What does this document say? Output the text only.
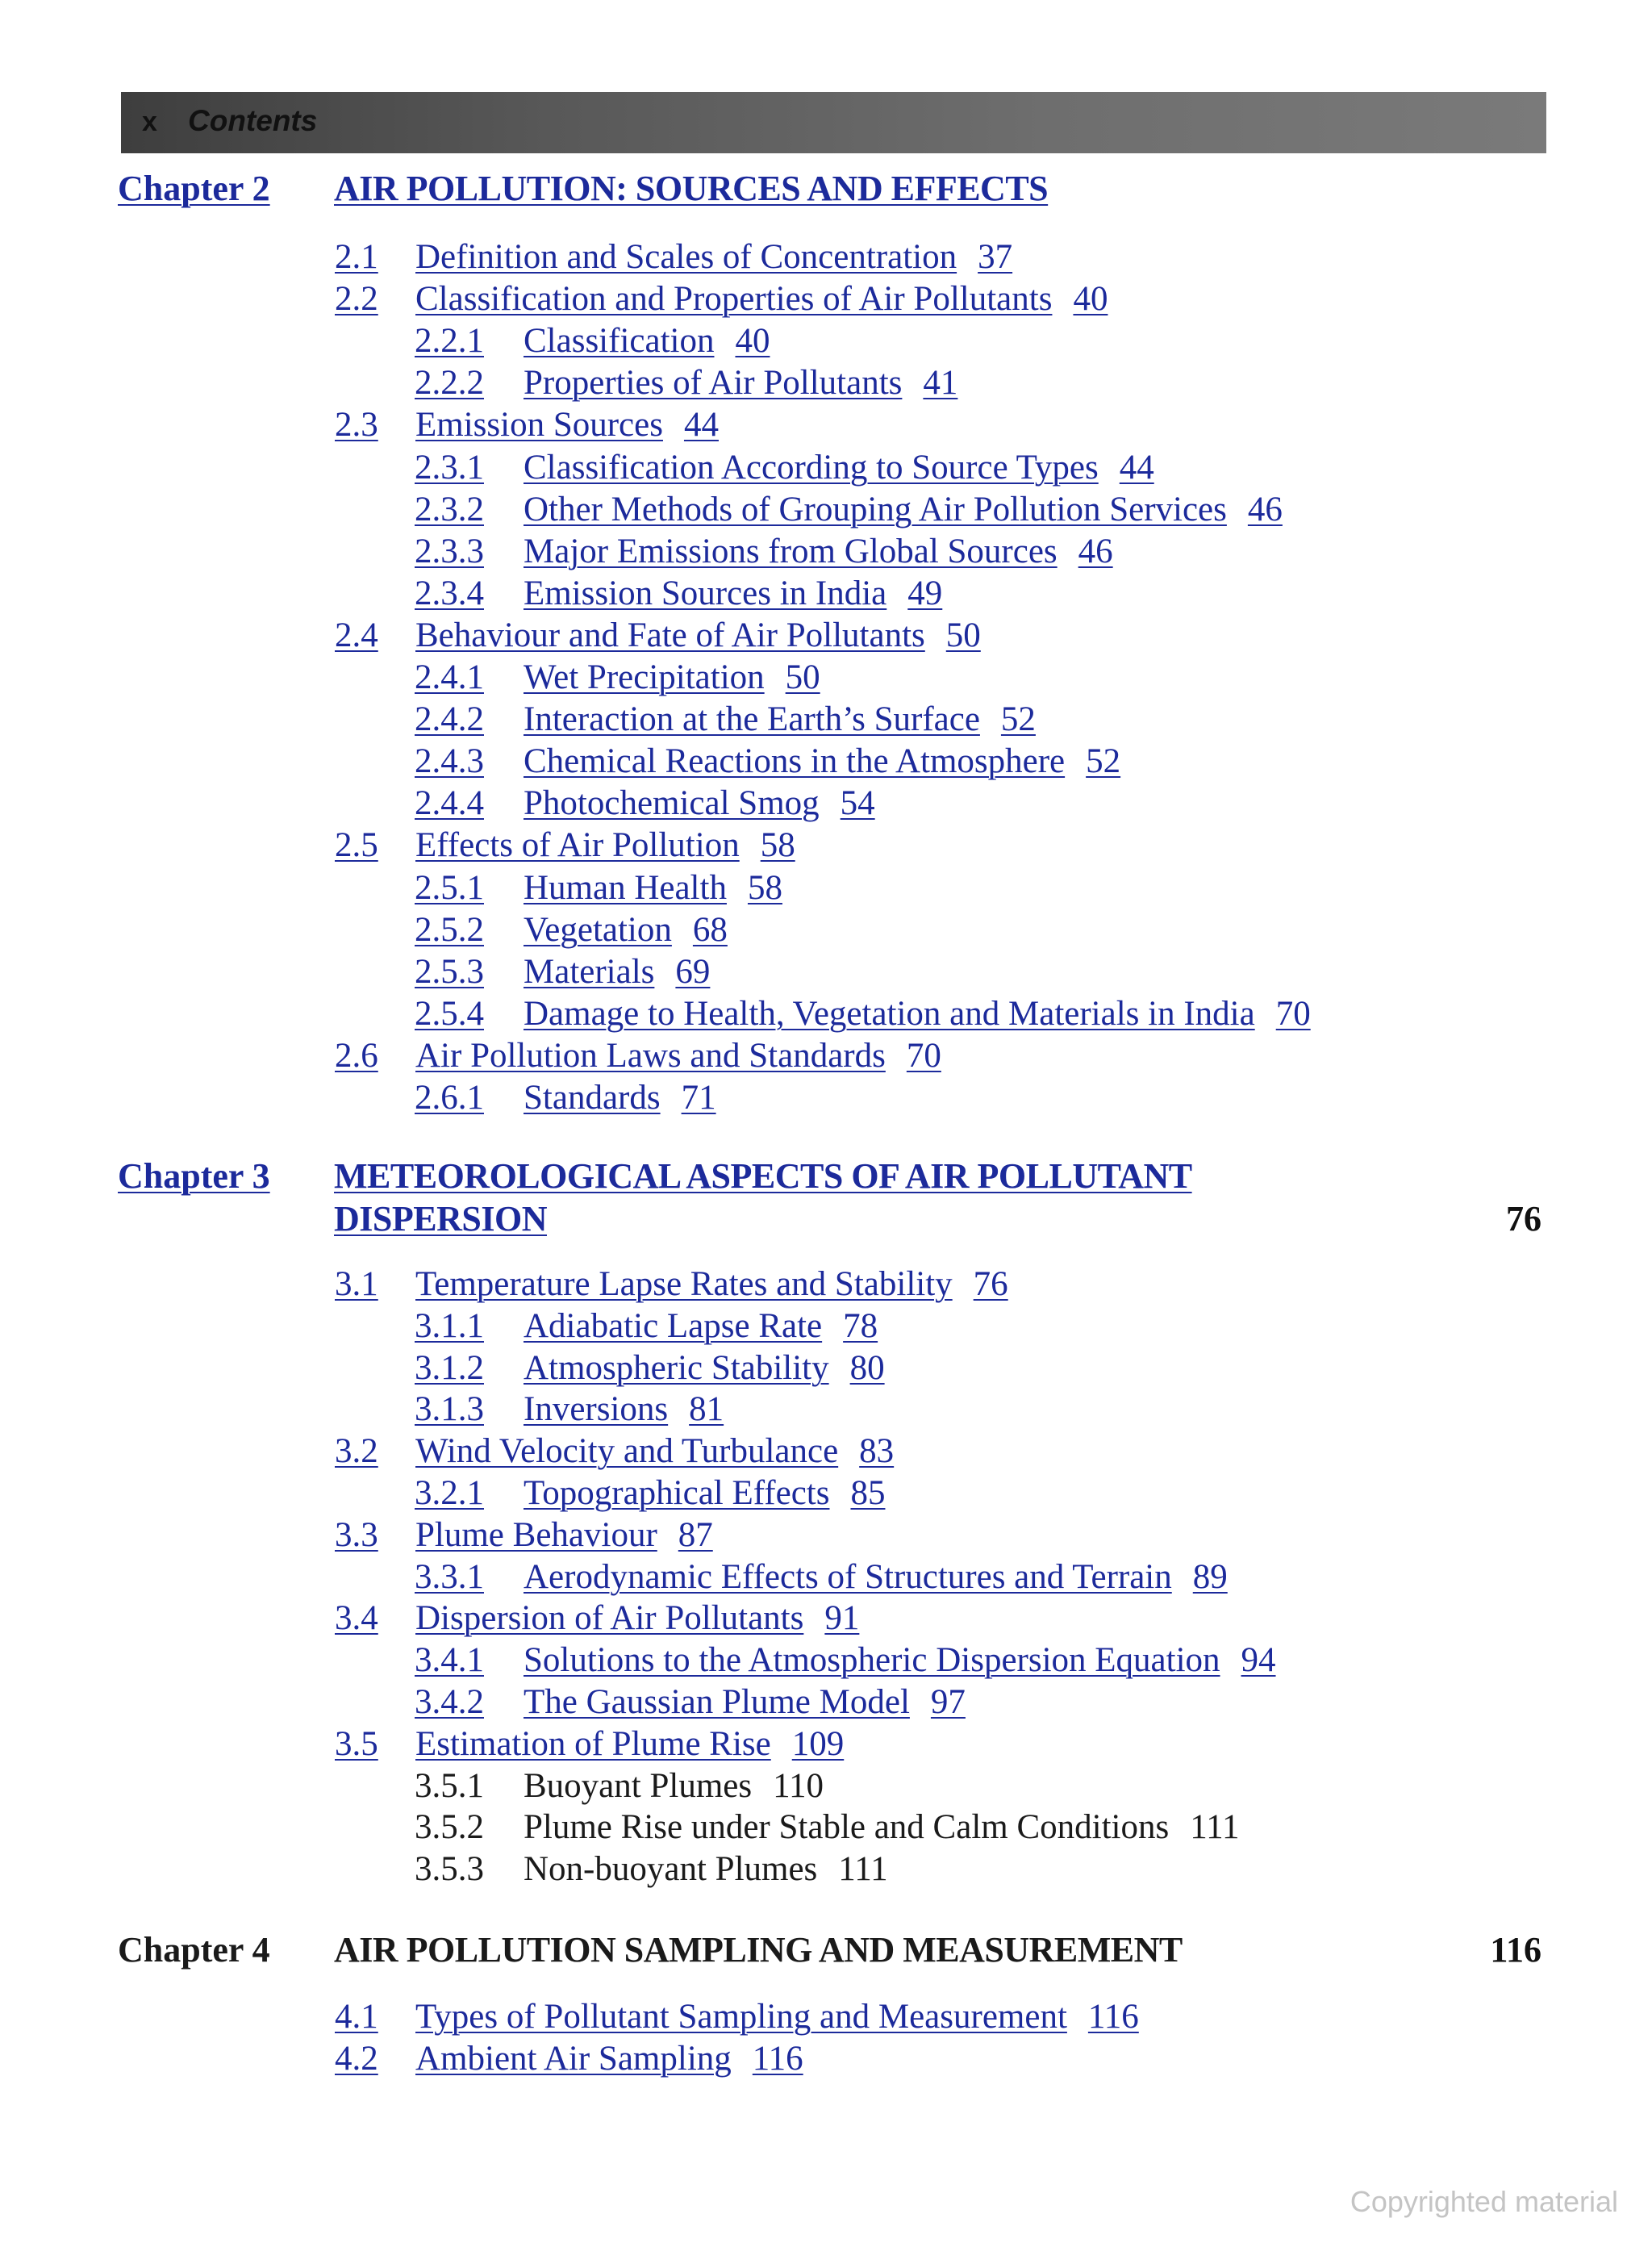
x Contents
Chapter 2 AIR POLLUTION: SOURCES AND EFFECTS
2.1 Definition and Scales of Concentration 37
2.2 Classification and Properties of Air Pollutants 40
2.2.1 Classification 40
2.2.2 Properties of Air Pollutants 41
2.3 Emission Sources 44
2.3.1 Classification According to Source Types 44
2.3.2 Other Methods of Grouping Air Pollution Services 46
2.3.3 Major Emissions from Global Sources 46
2.3.4 Emission Sources in India 49
2.4 Behaviour and Fate of Air Pollutants 50
2.4.1 Wet Precipitation 50
2.4.2 Interaction at the Earth’s Surface 52
2.4.3 Chemical Reactions in the Atmosphere 52
2.4.4 Photochemical Smog 54
2.5 Effects of Air Pollution 58
2.5.1 Human Health 58
2.5.2 Vegetation 68
2.5.3 Materials 69
2.5.4 Damage to Health, Vegetation and Materials in India 70
2.6 Air Pollution Laws and Standards 70
2.6.1 Standards 71
Chapter 3 METEOROLOGICAL ASPECTS OF AIR POLLUTANT
DISPERSION	76
3.1 Temperature Lapse Rates and Stability 76
3.1.1 Adiabatic Lapse Rate 78
3.1.2 Atmospheric Stability 80
3.1.3 Inversions 81
3.2 Wind Velocity and Turbulance 83
3.2.1 Topographical Effects 85
3.3 Plume Behaviour 87
3.3.1 Aerodynamic Effects of Structures and Terrain 89
3.4 Dispersion of Air Pollutants 91
3.4.1 Solutions to the Atmospheric Dispersion Equation 94
3.4.2 The Gaussian Plume Model 97
3.5 Estimation of Plume Rise 109
3.5.1 Buoyant Plumes 110
3.5.2 Plume Rise under Stable and Calm Conditions 111
3.5.3 Non-buoyant Plumes 111
Chapter 4 AIR POLLUTION SAMPLING AND MEASUREMENT	116
4.1 Types of Pollutant Sampling and Measurement 116
4.2 Ambient Air Sampling 116
Copyrighted material
